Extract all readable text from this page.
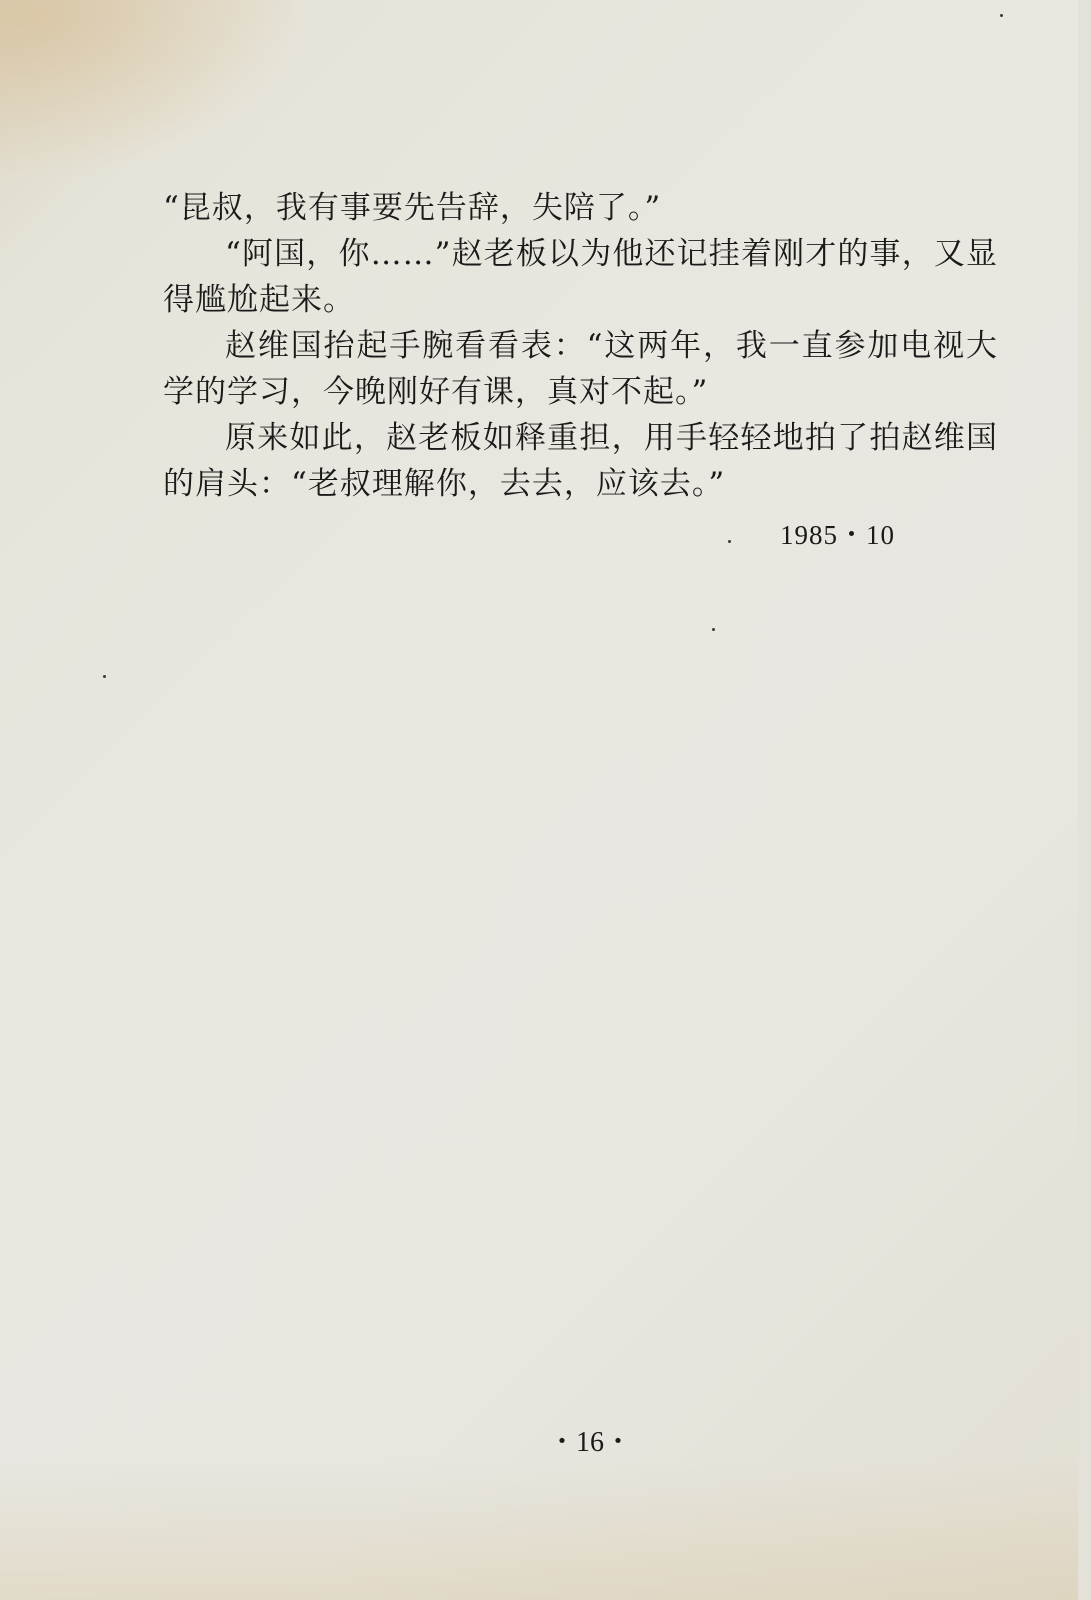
“昆叔，我有事要先告辞，失陪了。”

“阿国，你……”赵老板以为他还记挂着刚才的事，又显得尴尬起来。

赵维国抬起手腕看看表：“这两年，我一直参加电视大学的学习，今晚刚好有课，真对不起。”

原来如此，赵老板如释重担，用手轻轻地拍了拍赵维国的肩头：“老叔理解你，去去，应该去。”

1985・10
・16・
